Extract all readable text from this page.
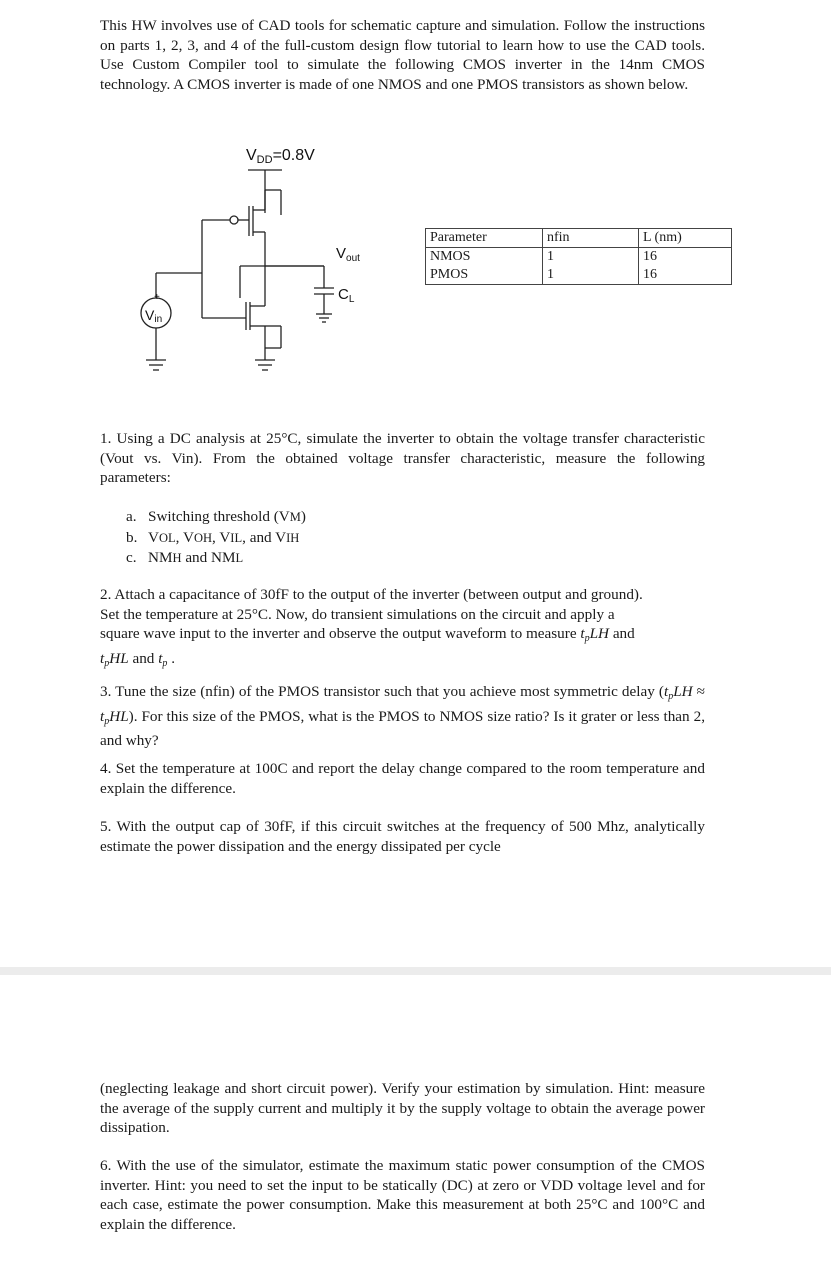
This HW involves use of CAD tools for schematic capture and simulation. Follow the instructions on parts 1, 2, 3, and 4 of the full-custom design flow tutorial to learn how to use the CAD tools. Use Custom Compiler tool to simulate the following CMOS inverter in the 14nm CMOS technology. A CMOS inverter is made of one NMOS and one PMOS transistors as shown below.
VDD=0.8V
+
Vin
$V_{out}$
$C_L$
Parameter	nfin	L (nm)
NMOS	1	16
PMOS	1	16
1. Using a DC analysis at 25°C, simulate the inverter to obtain the voltage transfer characteristic (Vout vs. Vin). From the obtained voltage transfer characteristic, measure the following parameters:
a. Switching threshold (VM)
b. VOL, VOH, VIL, and VIH
c. NMH and NML
2. Attach a capacitance of 30fF to the output of the inverter (between output and ground).
Set the temperature at 25°C. Now, do transient simulations on the circuit and apply a
square wave input to the inverter and observe the output waveform to measure $t_pLH$ and
$t_pHL$ and $t_p$ .
3. Tune the size (nfin) of the PMOS transistor such that you achieve most symmetric delay $(t_pLH \approx t_pHL)$. For this size of the PMOS, what is the PMOS to NMOS size ratio? Is it grater or less than 2, and why?
4. Set the temperature at 100C and report the delay change compared to the room temperature and explain the difference.
5. With the output cap of 30fF, if this circuit switches at the frequency of 500 Mhz, analytically estimate the power dissipation and the energy dissipated per cycle
(neglecting leakage and short circuit power). Verify your estimation by simulation. Hint: measure the average of the supply current and multiply it by the supply voltage to obtain the average power dissipation.
6. With the use of the simulator, estimate the maximum static power consumption of the CMOS inverter. Hint: you need to set the input to be statically (DC) at zero or VDD voltage level and for each case, estimate the power consumption. Make this measurement at both 25°C and 100°C and explain the difference.
